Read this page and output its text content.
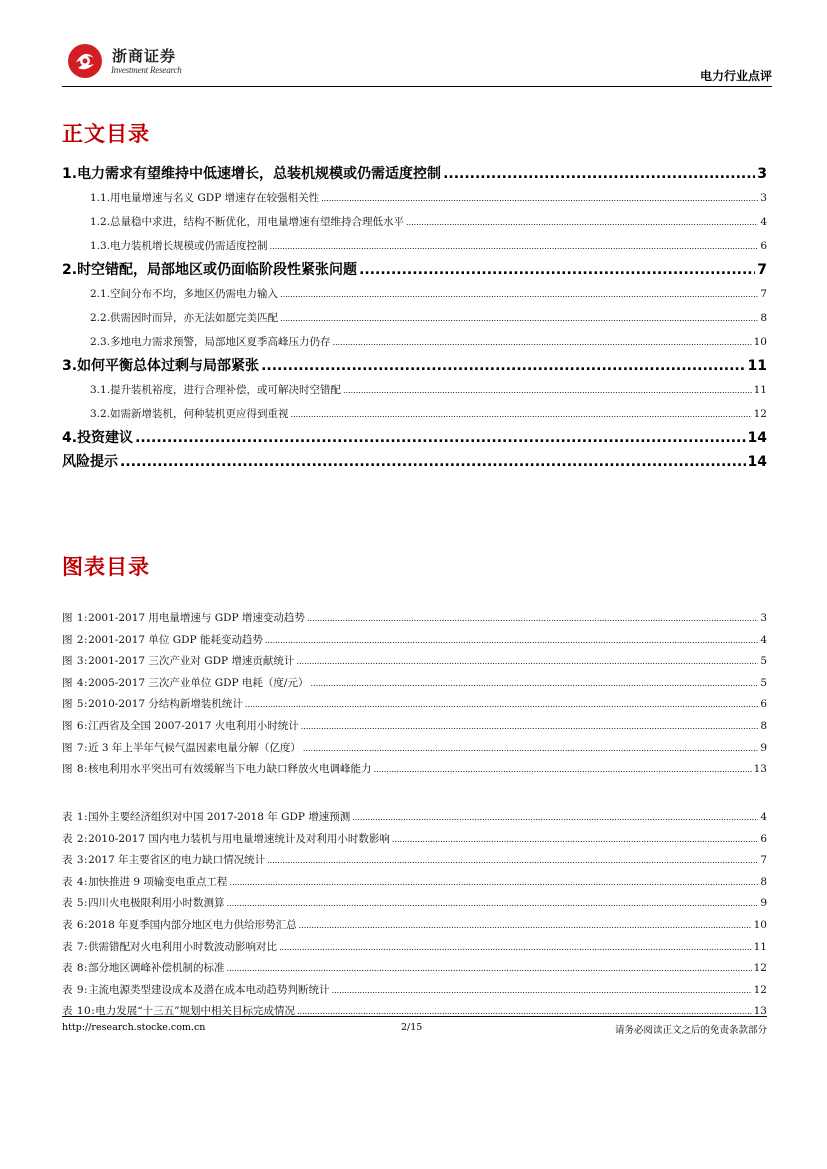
浙商证券
Investment Research	电力行业点评
正文目录
1. 电力需求有望维持中低速增长，总装机规模或仍需适度控制 .....	3
1.1. 用电量增速与名义 GDP 增速存在较强相关性 .....	3
1.2. 总量稳中求进，结构不断优化，用电量增速有望维持合理低水平 .....	4
1.3. 电力装机增长规模或仍需适度控制 .....	6
2. 时空错配，局部地区或仍面临阶段性紧张问题 .....	7
2.1. 空间分布不均，多地区仍需电力输入 .....	7
2.2. 供需因时而异，亦无法如愿完美匹配 .....	8
2.3. 多地电力需求预警，局部地区夏季高峰压力仍存 .....	10
3. 如何平衡总体过剩与局部紧张 .....	11
3.1. 提升装机裕度，进行合理补偿，或可解决时空错配 .....	11
3.2. 如需新增装机，何种装机更应得到重视 .....	12
4. 投资建议 .....	14
风险提示 .....	14
图表目录
图 1: 2001-2017 用电量增速与 GDP 增速变动趋势 .....	3
图 2: 2001-2017 单位 GDP 能耗变动趋势 .....	4
图 3: 2001-2017 三次产业对 GDP 增速贡献统计 .....	5
图 4: 2005-2017 三次产业单位 GDP 电耗（度/元） .....	5
图 5: 2010-2017 分结构新增装机统计 .....	6
图 6: 江西省及全国 2007-2017 火电利用小时统计 .....	8
图 7: 近 3 年上半年气候气温因素电量分解（亿度） .....	9
图 8: 核电利用水平突出可有效缓解当下电力缺口释放火电调峰能力 .....	13
表 1: 国外主要经济组织对中国 2017-2018 年 GDP 增速预测 .....	4
表 2: 2010-2017 国内电力装机与用电量增速统计及对利用小时数影响 .....	6
表 3: 2017 年主要省区的电力缺口情况统计 .....	7
表 4: 加快推进 9 项输变电重点工程 .....	8
表 5: 四川火电极限利用小时数测算 .....	9
表 6: 2018 年夏季国内部分地区电力供给形势汇总 .....	10
表 7: 供需错配对火电利用小时数波动影响对比 .....	11
表 8: 部分地区调峰补偿机制的标准 .....	12
表 9: 主流电源类型建设成本及潜在成本电动趋势判断统计 .....	12
表 10: 电力发展“十三五”规划中相关目标完成情况 .....	13
http://research.stocke.com.cn	2/15	请务必阅读正文之后的免责条款部分
